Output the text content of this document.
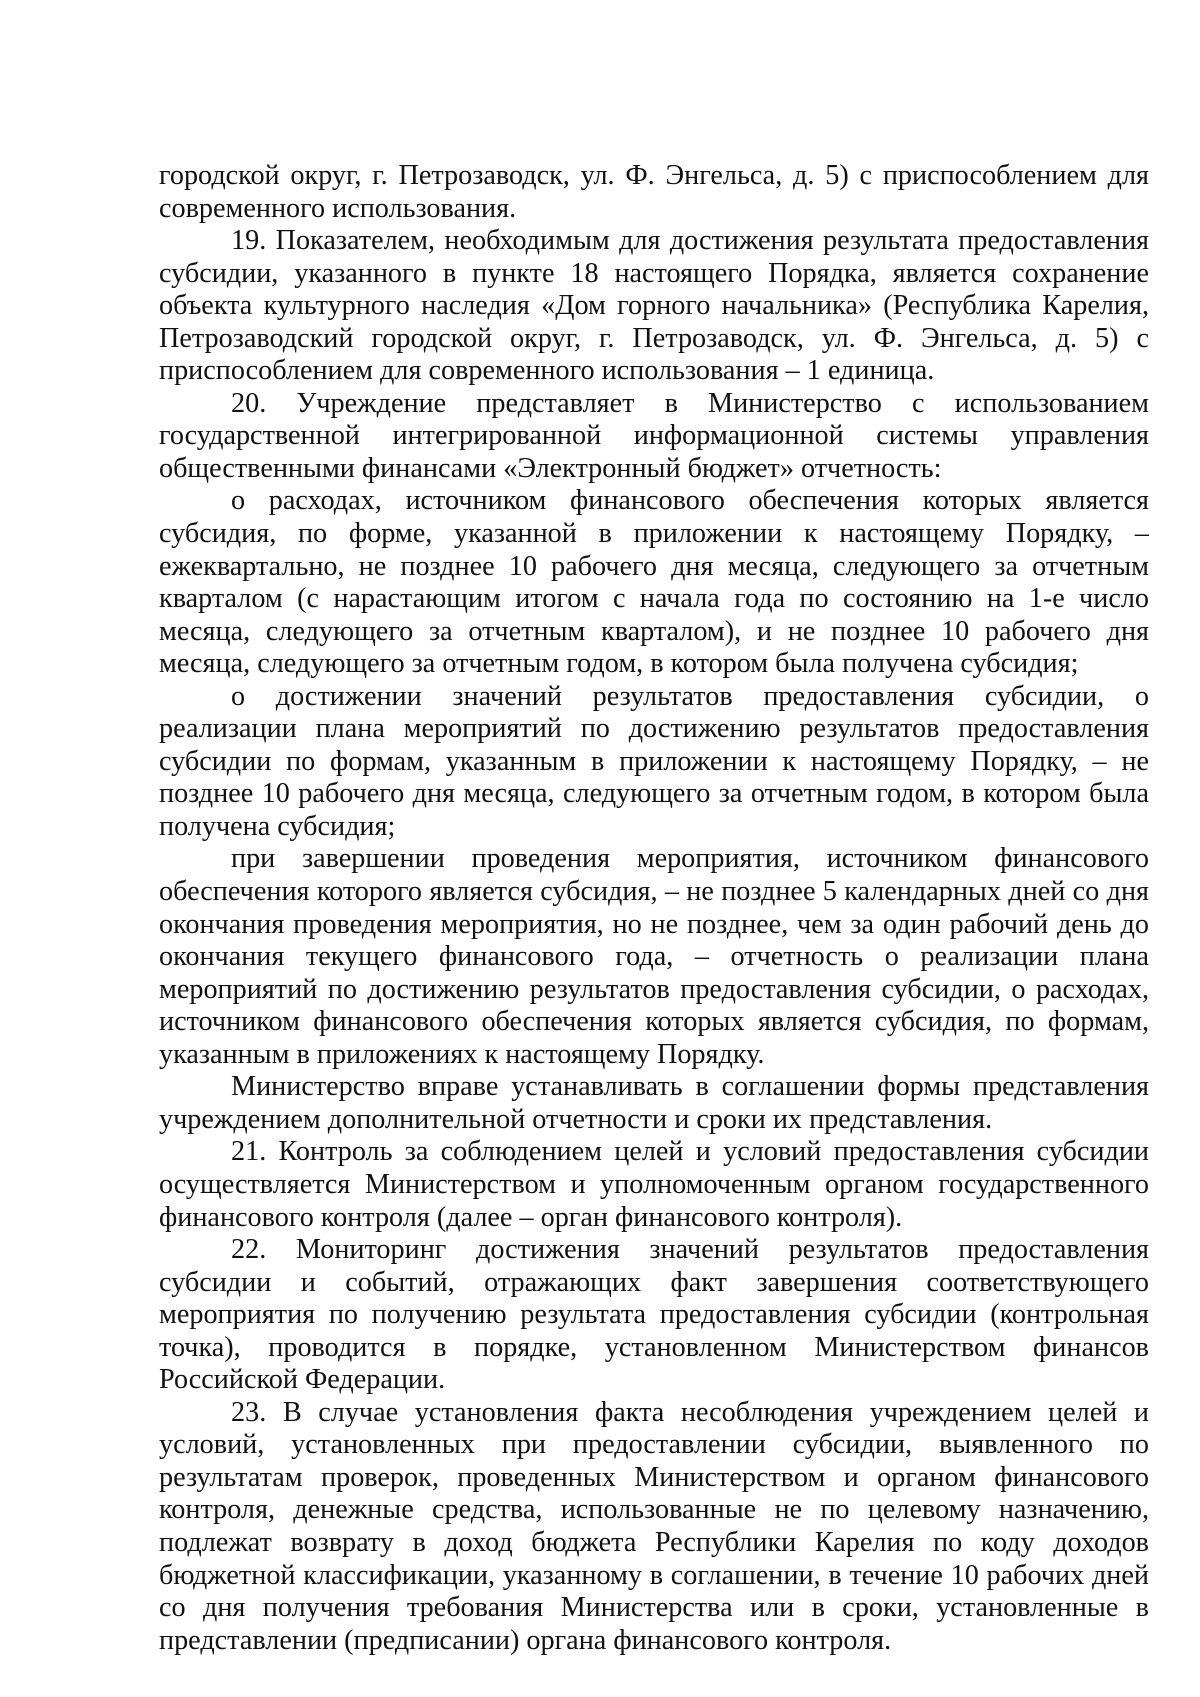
городской округ, г. Петрозаводск, ул. Ф. Энгельса, д. 5) с приспособлением для современного использования.

19. Показателем, необходимым для достижения результата предоставления субсидии, указанного в пункте 18 настоящего Порядка, является сохранение объекта культурного наследия «Дом горного начальника» (Республика Карелия, Петрозаводский городской округ, г. Петрозаводск, ул. Ф. Энгельса, д. 5) с приспособлением для современного использования – 1 единица.

20. Учреждение представляет в Министерство с использованием государственной интегрированной информационной системы управления общественными финансами «Электронный бюджет» отчетность:

о расходах, источником финансового обеспечения которых является субсидия, по форме, указанной в приложении к настоящему Порядку, – ежеквартально, не позднее 10 рабочего дня месяца, следующего за отчетным кварталом (с нарастающим итогом с начала года по состоянию на 1-е число месяца, следующего за отчетным кварталом), и не позднее 10 рабочего дня месяца, следующего за отчетным годом, в котором была получена субсидия;

о достижении значений результатов предоставления субсидии, о реализации плана мероприятий по достижению результатов предоставления субсидии по формам, указанным в приложении к настоящему Порядку, – не позднее 10 рабочего дня месяца, следующего за отчетным годом, в котором была получена субсидия;

при завершении проведения мероприятия, источником финансового обеспечения которого является субсидия, – не позднее 5 календарных дней со дня окончания проведения мероприятия, но не позднее, чем за один рабочий день до окончания текущего финансового года, – отчетность о реализации плана мероприятий по достижению результатов предоставления субсидии, о расходах, источником финансового обеспечения которых является субсидия, по формам, указанным в приложениях к настоящему Порядку.

Министерство вправе устанавливать в соглашении формы представления учреждением дополнительной отчетности и сроки их представления.

21. Контроль за соблюдением целей и условий предоставления субсидии осуществляется Министерством и уполномоченным органом государственного финансового контроля (далее – орган финансового контроля).

22. Мониторинг достижения значений результатов предоставления субсидии и событий, отражающих факт завершения соответствующего мероприятия по получению результата предоставления субсидии (контрольная точка), проводится в порядке, установленном Министерством финансов Российской Федерации.

23. В случае установления факта несоблюдения учреждением целей и условий, установленных при предоставлении субсидии, выявленного по результатам проверок, проведенных Министерством и органом финансового контроля, денежные средства, использованные не по целевому назначению, подлежат возврату в доход бюджета Республики Карелия по коду доходов бюджетной классификации, указанному в соглашении, в течение 10 рабочих дней со дня получения требования Министерства или в сроки, установленные в представлении (предписании) органа финансового контроля.
